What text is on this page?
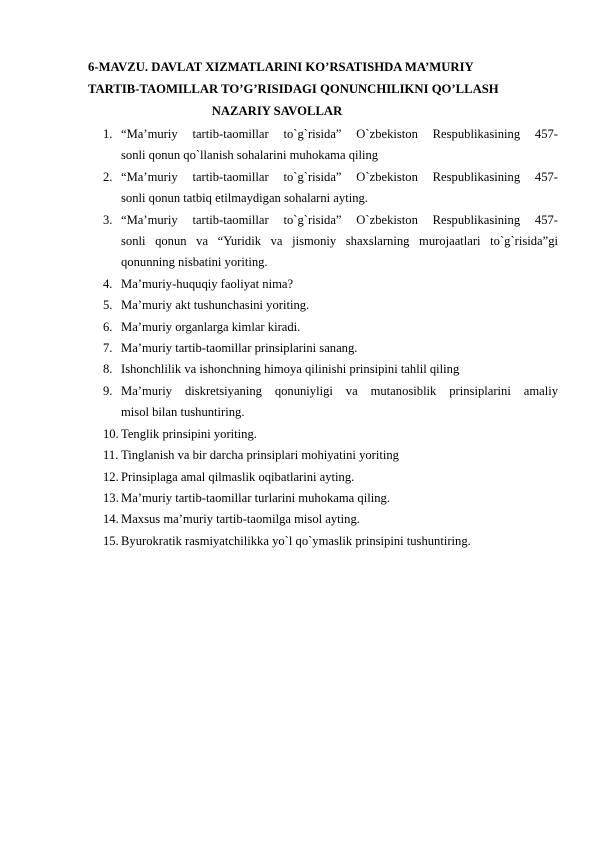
6-MAVZU. DAVLAT XIZMATLARINI KO’RSATISHDA MA’MURIY
TARTIB-TAOMILLAR TO’G’RISIDAGI QONUNCHILIKNI QO’LLASH
NAZARIY SAVOLLAR
1. “Ma’muriy tartib-taomillar to`g`risida” O`zbekiston Respublikasining 457-
sonli qonun qo`llanish sohalarini muhokama qiling
2. “Ma’muriy tartib-taomillar to`g`risida” O`zbekiston Respublikasining 457-
sonli qonun tatbiq etilmaydigan sohalarni ayting.
3. “Ma’muriy tartib-taomillar to`g`risida” O`zbekiston Respublikasining 457-
sonli qonun va “Yuridik va jismoniy shaxslarning murojaatlari to`g`risida”gi
qonunning nisbatini yoriting.
4. Ma’muriy-huquqiy faoliyat nima?
5. Ma’muriy akt tushunchasini yoriting.
6. Ma’muriy organlarga kimlar kiradi.
7. Ma’muriy tartib-taomillar prinsiplarini sanang.
8. Ishonchlilik va ishonchning himoya qilinishi prinsipini tahlil qiling
9. Ma’muriy diskretsiyaning qonuniyligi va mutanosiblik prinsiplarini amaliy
misol bilan tushuntiring.
10. Tenglik prinsipini yoriting.
11. Tinglanish va bir darcha prinsiplari mohiyatini yoriting
12. Prinsiplaga amal qilmaslik oqibatlarini ayting.
13. Ma’muriy tartib-taomillar turlarini muhokama qiling.
14. Maxsus ma’muriy tartib-taomilga misol ayting.
15. Byurokratik rasmiyatchilikka yo`l qo`ymaslik prinsipini tushuntiring.
